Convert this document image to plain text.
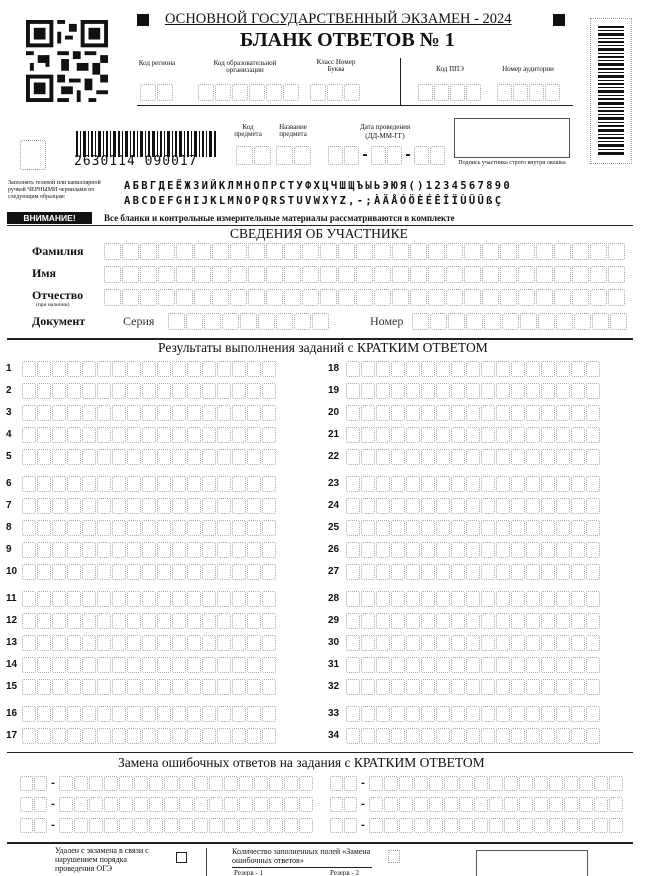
ОСНОВНОЙ ГОСУДАРСТВЕННЫЙ ЭКЗАМЕН - 2024
БЛАНК ОТВЕТОВ № 1
Код региона	Код образовательной организации
Класс Номер Буква	Код ППЭ	Номер аудитории
2630114 090017
Код предмета
Название предмета
Дата проведения
(ДД-ММ-ГГ)
- -	Подпись участника строго внутри окошка
Заполнять гелевой или капиллярной ручкой ЧЕРНЫМИ чернилами по следующим образцам:
АБВГДЕЁЖЗИЙКЛМНОПРСТУФХЦЧШЩЪЫЬЭЮЯ()1234567890
ABCDEFGHIJKLMNOPQRSTUVWXYZ,-;ÀÄÅÓÖÈÉÊÎÏÙÜÛßÇ
ВНИМАНИЕ!	Все бланки и контрольные измерительные материалы рассматриваются в комплекте
СВЕДЕНИЯ ОБ УЧАСТНИКЕ
Фамилия
Имя
Отчество
(при наличии)
Документ	Серия	Номер
Результаты выполнения заданий с КРАТКИМ ОТВЕТОМ
1
2
3
4
5
6
7
8
9
10
11
12
13
14
15
16
17
18
19
20
21
22
23
24
25
26
27
28
29
30
31
32
33
34
Замена ошибочных ответов на задания с КРАТКИМ ОТВЕТОМ
-	-
-	-
-	-
Удален с экзамена в связи с нарушением порядка проведения ОГЭ
Количество заполненных полей «Замена ошибочных ответов»
Резерв - 1	Резерв - 2
